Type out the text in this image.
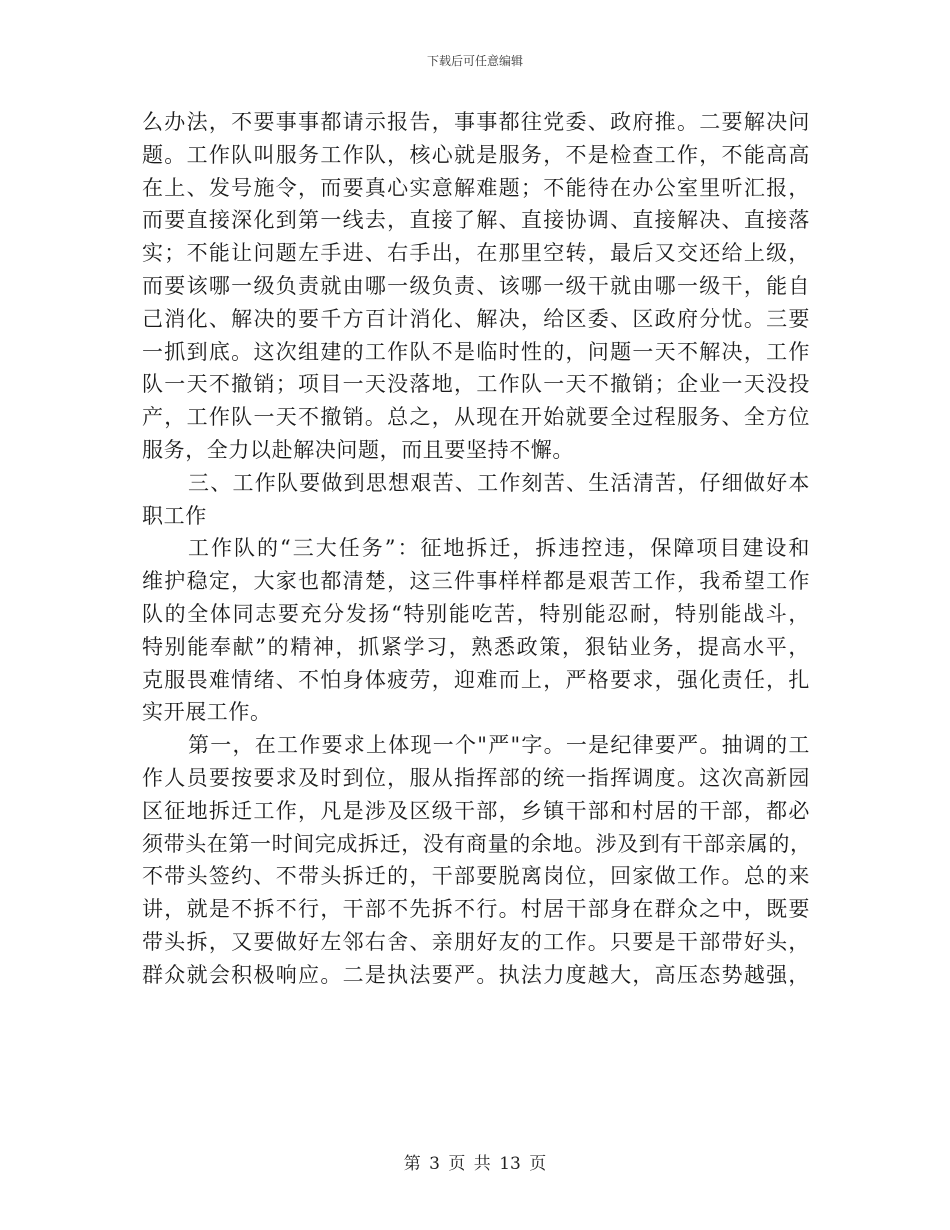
下载后可任意编辑
么办法，不要事事都请示报告，事事都往党委、政府推。二要解决问
题。工作队叫服务工作队，核心就是服务，不是检查工作，不能高高
在上、发号施令，而要真心实意解难题；不能待在办公室里听汇报，
而要直接深化到第一线去，直接了解、直接协调、直接解决、直接落
实；不能让问题左手进、右手出，在那里空转，最后又交还给上级，
而要该哪一级负责就由哪一级负责、该哪一级干就由哪一级干，能自
己消化、解决的要千方百计消化、解决，给区委、区政府分忧。三要
一抓到底。这次组建的工作队不是临时性的，问题一天不解决，工作
队一天不撤销；项目一天没落地，工作队一天不撤销；企业一天没投
产，工作队一天不撤销。总之，从现在开始就要全过程服务、全方位
服务，全力以赴解决问题，而且要坚持不懈。
三、工作队要做到思想艰苦、工作刻苦、生活清苦，仔细做好本
职工作
工作队的“三大任务”：征地拆迁，拆违控违，保障项目建设和
维护稳定，大家也都清楚，这三件事样样都是艰苦工作，我希望工作
队的全体同志要充分发扬“特别能吃苦，特别能忍耐，特别能战斗，
特别能奉献”的精神，抓紧学习，熟悉政策，狠钻业务，提高水平，
克服畏难情绪、不怕身体疲劳，迎难而上，严格要求，强化责任，扎
实开展工作。
第一，在工作要求上体现一个"严"字。一是纪律要严。抽调的工
作人员要按要求及时到位，服从指挥部的统一指挥调度。这次高新园
区征地拆迁工作，凡是涉及区级干部，乡镇干部和村居的干部，都必
须带头在第一时间完成拆迁，没有商量的余地。涉及到有干部亲属的，
不带头签约、不带头拆迁的，干部要脱离岗位，回家做工作。总的来
讲，就是不拆不行，干部不先拆不行。村居干部身在群众之中，既要
带头拆，又要做好左邻右舍、亲朋好友的工作。只要是干部带好头，
群众就会积极响应。二是执法要严。执法力度越大，高压态势越强，
第 3 页 共 13 页
